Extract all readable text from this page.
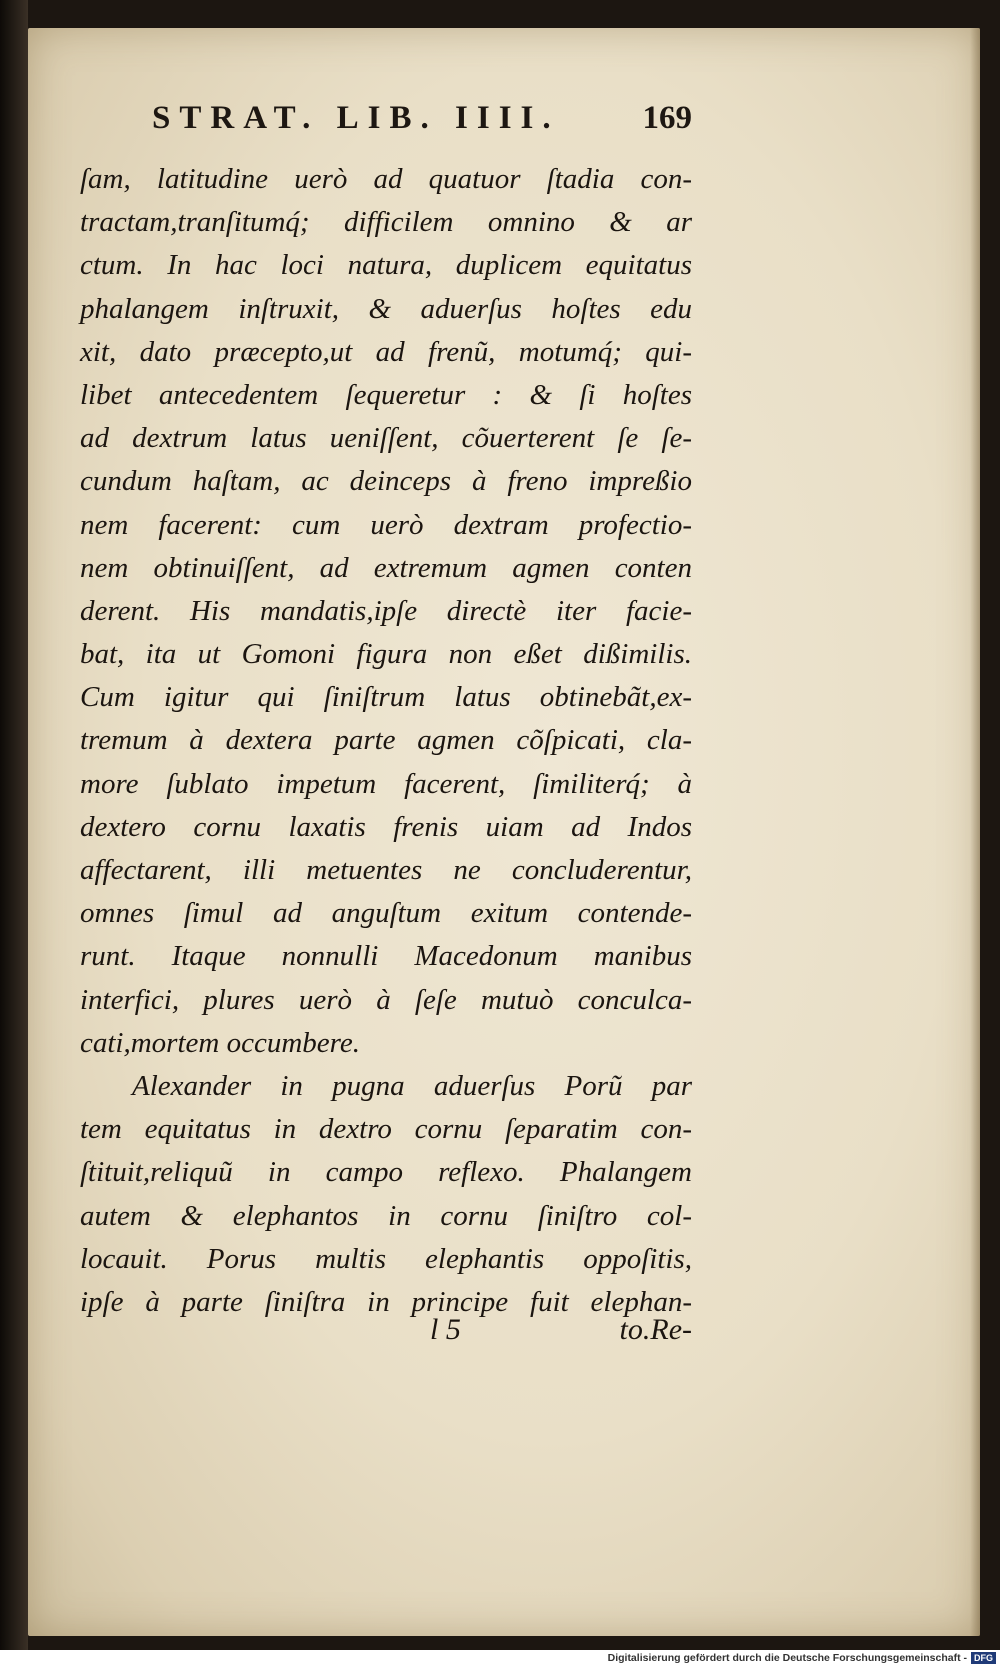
STRAT. LIB. IIII.	169
ſam, latitudine uerò ad quatuor ſtadia con-
tractam,tranſitumq́; difficilem omnino & ar
ctum. In hac loci natura, duplicem equitatus
phalangem inſtruxit, & aduerſus hoſtes edu
xit, dato præcepto,ut ad frenũ, motumq́; qui-
libet antecedentem ſequeretur : & ſi hoſtes
ad dextrum latus ueniſſent, cõuerterent ſe ſe-
cundum haſtam, ac deinceps à freno impreßio
nem facerent: cum uerò dextram profectio-
nem obtinuiſſent, ad extremum agmen conten
derent. His mandatis,ipſe directè iter facie-
bat, ita ut Gomoni figura non eßet dißimilis.
Cum igitur qui ſiniſtrum latus obtinebãt,ex-
tremum à dextera parte agmen cõſpicati, cla-
more ſublato impetum facerent, ſimiliterq́; à
dextero cornu laxatis frenis uiam ad Indos
affectarent, illi metuentes ne concluderentur,
omnes ſimul ad anguſtum exitum contende-
runt. Itaque nonnulli Macedonum manibus
interfici, plures uerò à ſeſe mutuò conculca-
cati,mortem occumbere.
Alexander in pugna aduerſus Porũ par
tem equitatus in dextro cornu ſeparatim con-
ſtituit,reliquũ in campo reflexo. Phalangem
autem & elephantos in cornu ſiniſtro col-
locauit. Porus multis elephantis oppoſitis,
ipſe à parte ſiniſtra in principe fuit elephan-
l 5	to.Re-
Digitalisierung gefördert durch die Deutsche Forschungsgemeinschaft - DFG
